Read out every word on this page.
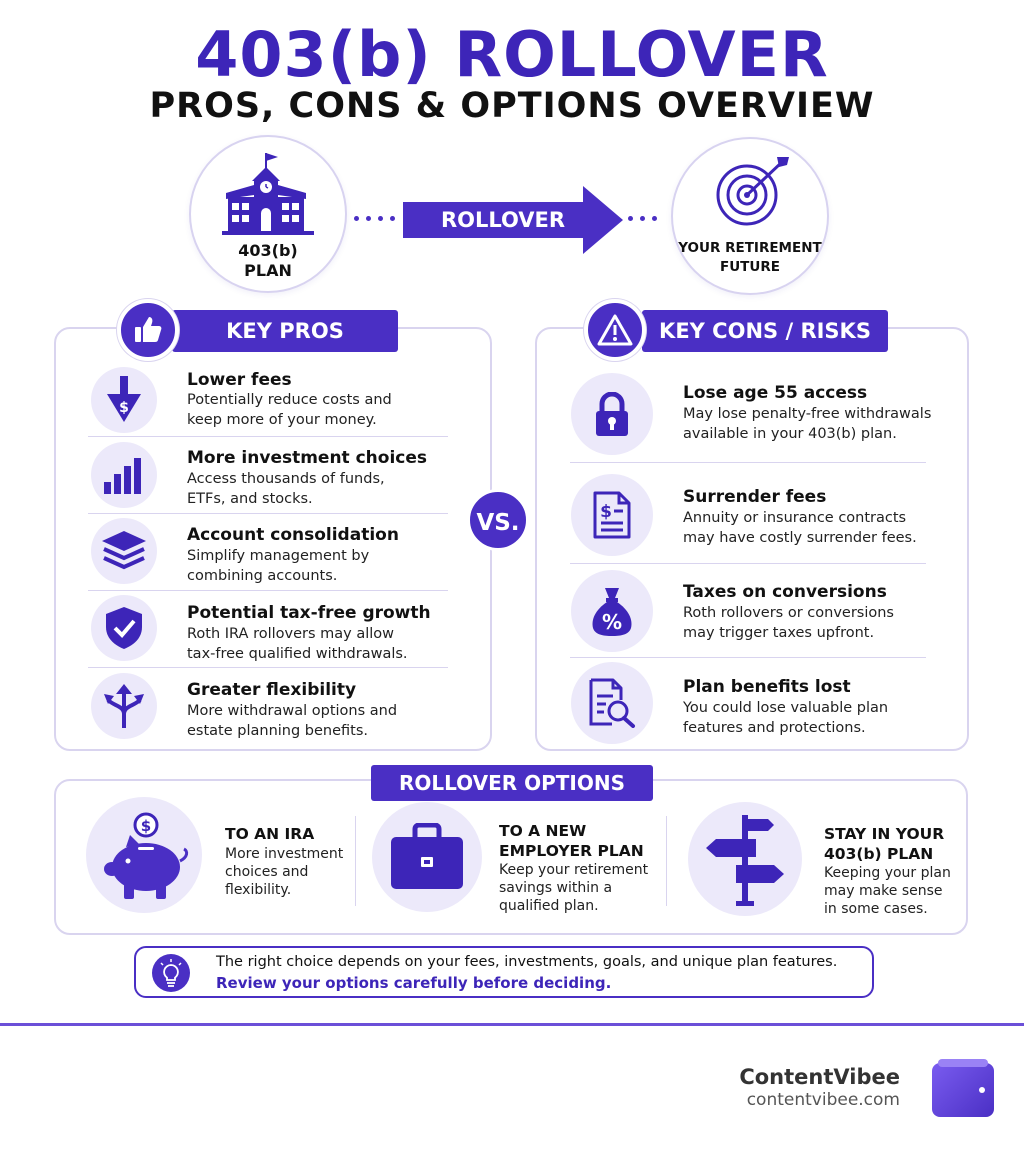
403(b) ROLLOVER
PROS, CONS & OPTIONS OVERVIEW
403(b)
PLAN
ROLLOVER
YOUR RETIREMENT
FUTURE
KEY PROS
$
Lower fees
Potentially reduce costs and
keep more of your money.
More investment choices
Access thousands of funds,
ETFs, and stocks.
Account consolidation
Simplify management by
combining accounts.
Potential tax-free growth
Roth IRA rollovers may allow
tax-free qualified withdrawals.
Greater flexibility
More withdrawal options and
estate planning benefits.
VS.
KEY CONS / RISKS
Lose age 55 access
May lose penalty-free withdrawals
available in your 403(b) plan.
$
Surrender fees
Annuity or insurance contracts
may have costly surrender fees.
%
Taxes on conversions
Roth rollovers or conversions
may trigger taxes upfront.
Plan benefits lost
You could lose valuable plan
features and protections.
ROLLOVER OPTIONS
$	TO AN IRA
More investment
choices and
flexibility.
TO A NEW
EMPLOYER PLAN
Keep your retirement
savings within a
qualified plan.
STAY IN YOUR
403(b) PLAN
Keeping your plan
may make sense
in some cases.
The right choice depends on your fees, investments, goals, and unique plan features.
Review your options carefully before deciding.
ContentVibee
contentvibee.com
